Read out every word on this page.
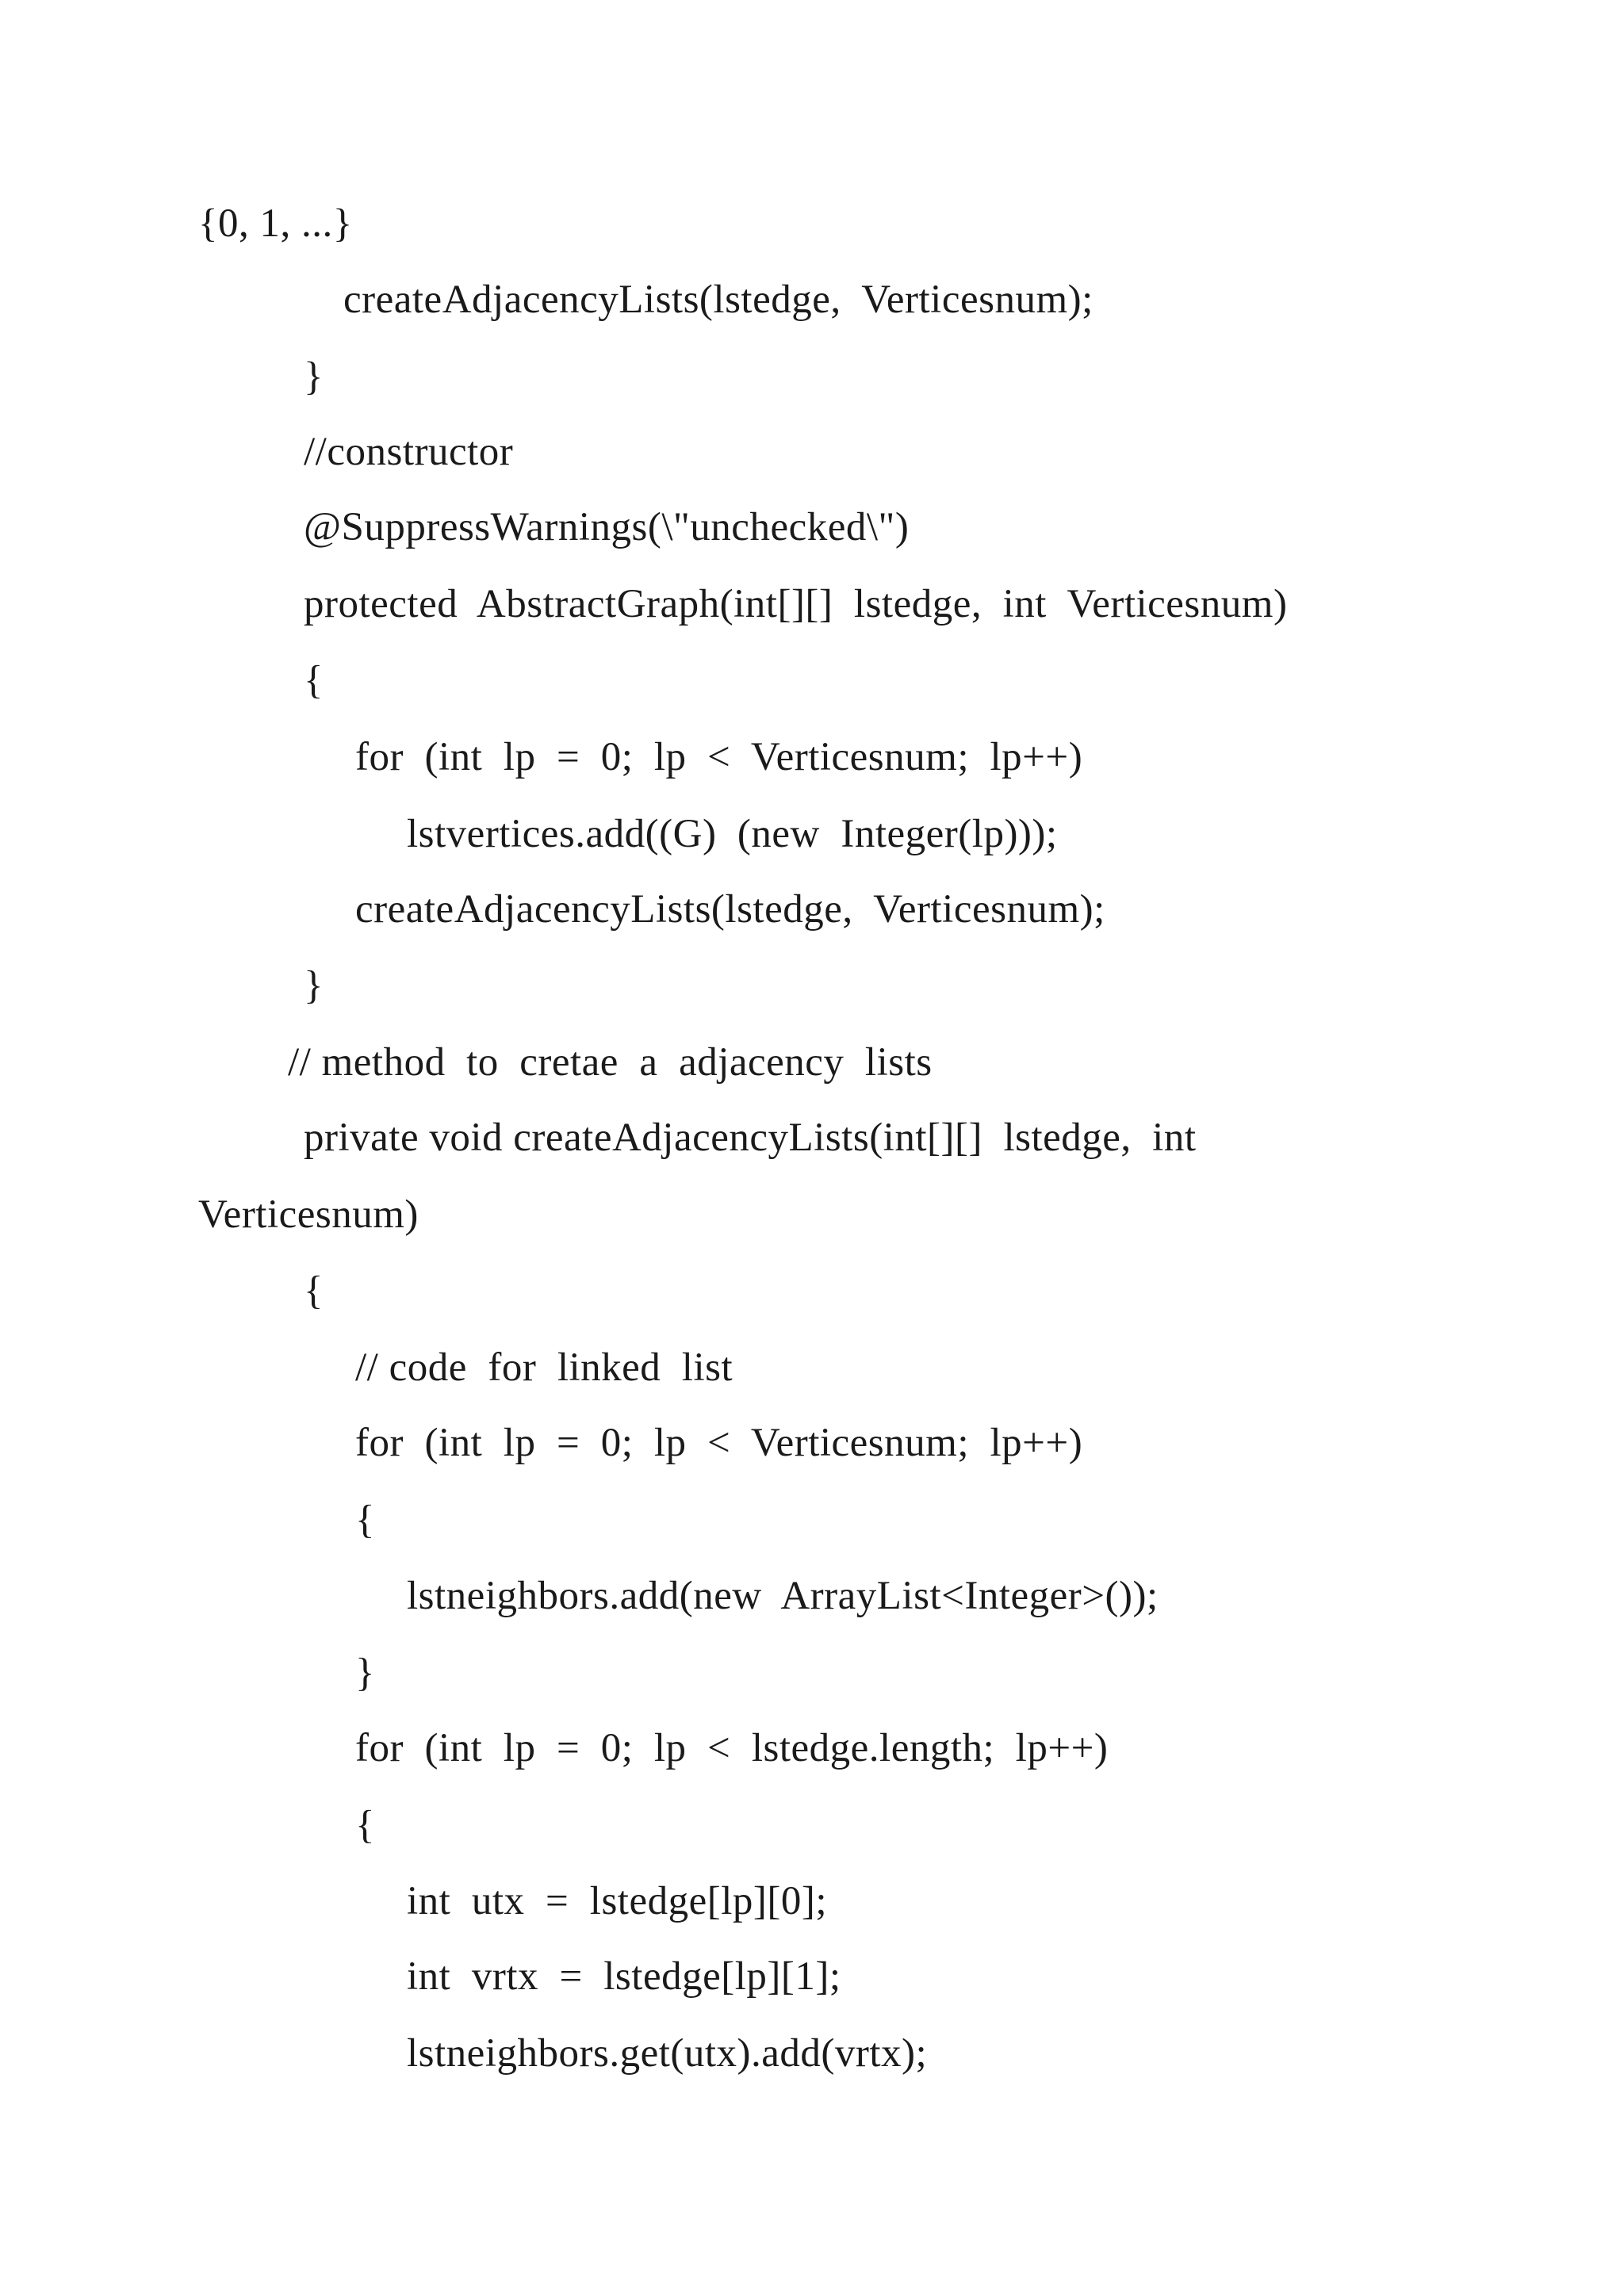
{0, 1, ...}
createAdjacencyLists(lstedge,  Verticesnum);
}
//constructor
@SuppressWarnings(\"unchecked\")
protected  AbstractGraph(int[][]  lstedge,  int  Verticesnum)
{
for  (int  lp  =  0;  lp  <  Verticesnum;  lp++)
lstvertices.add((G)  (new  Integer(lp)));
createAdjacencyLists(lstedge,  Verticesnum);
}
// method  to  cretae  a  adjacency  lists
private void createAdjacencyLists(int[][]  lstedge,  int
Verticesnum)
{
// code  for  linked  list
for  (int  lp  =  0;  lp  <  Verticesnum;  lp++)
{
lstneighbors.add(new  ArrayList<Integer>());
}
for  (int  lp  =  0;  lp  <  lstedge.length;  lp++)
{
int  utx  =  lstedge[lp][0];
int  vrtx  =  lstedge[lp][1];
lstneighbors.get(utx).add(vrtx);
